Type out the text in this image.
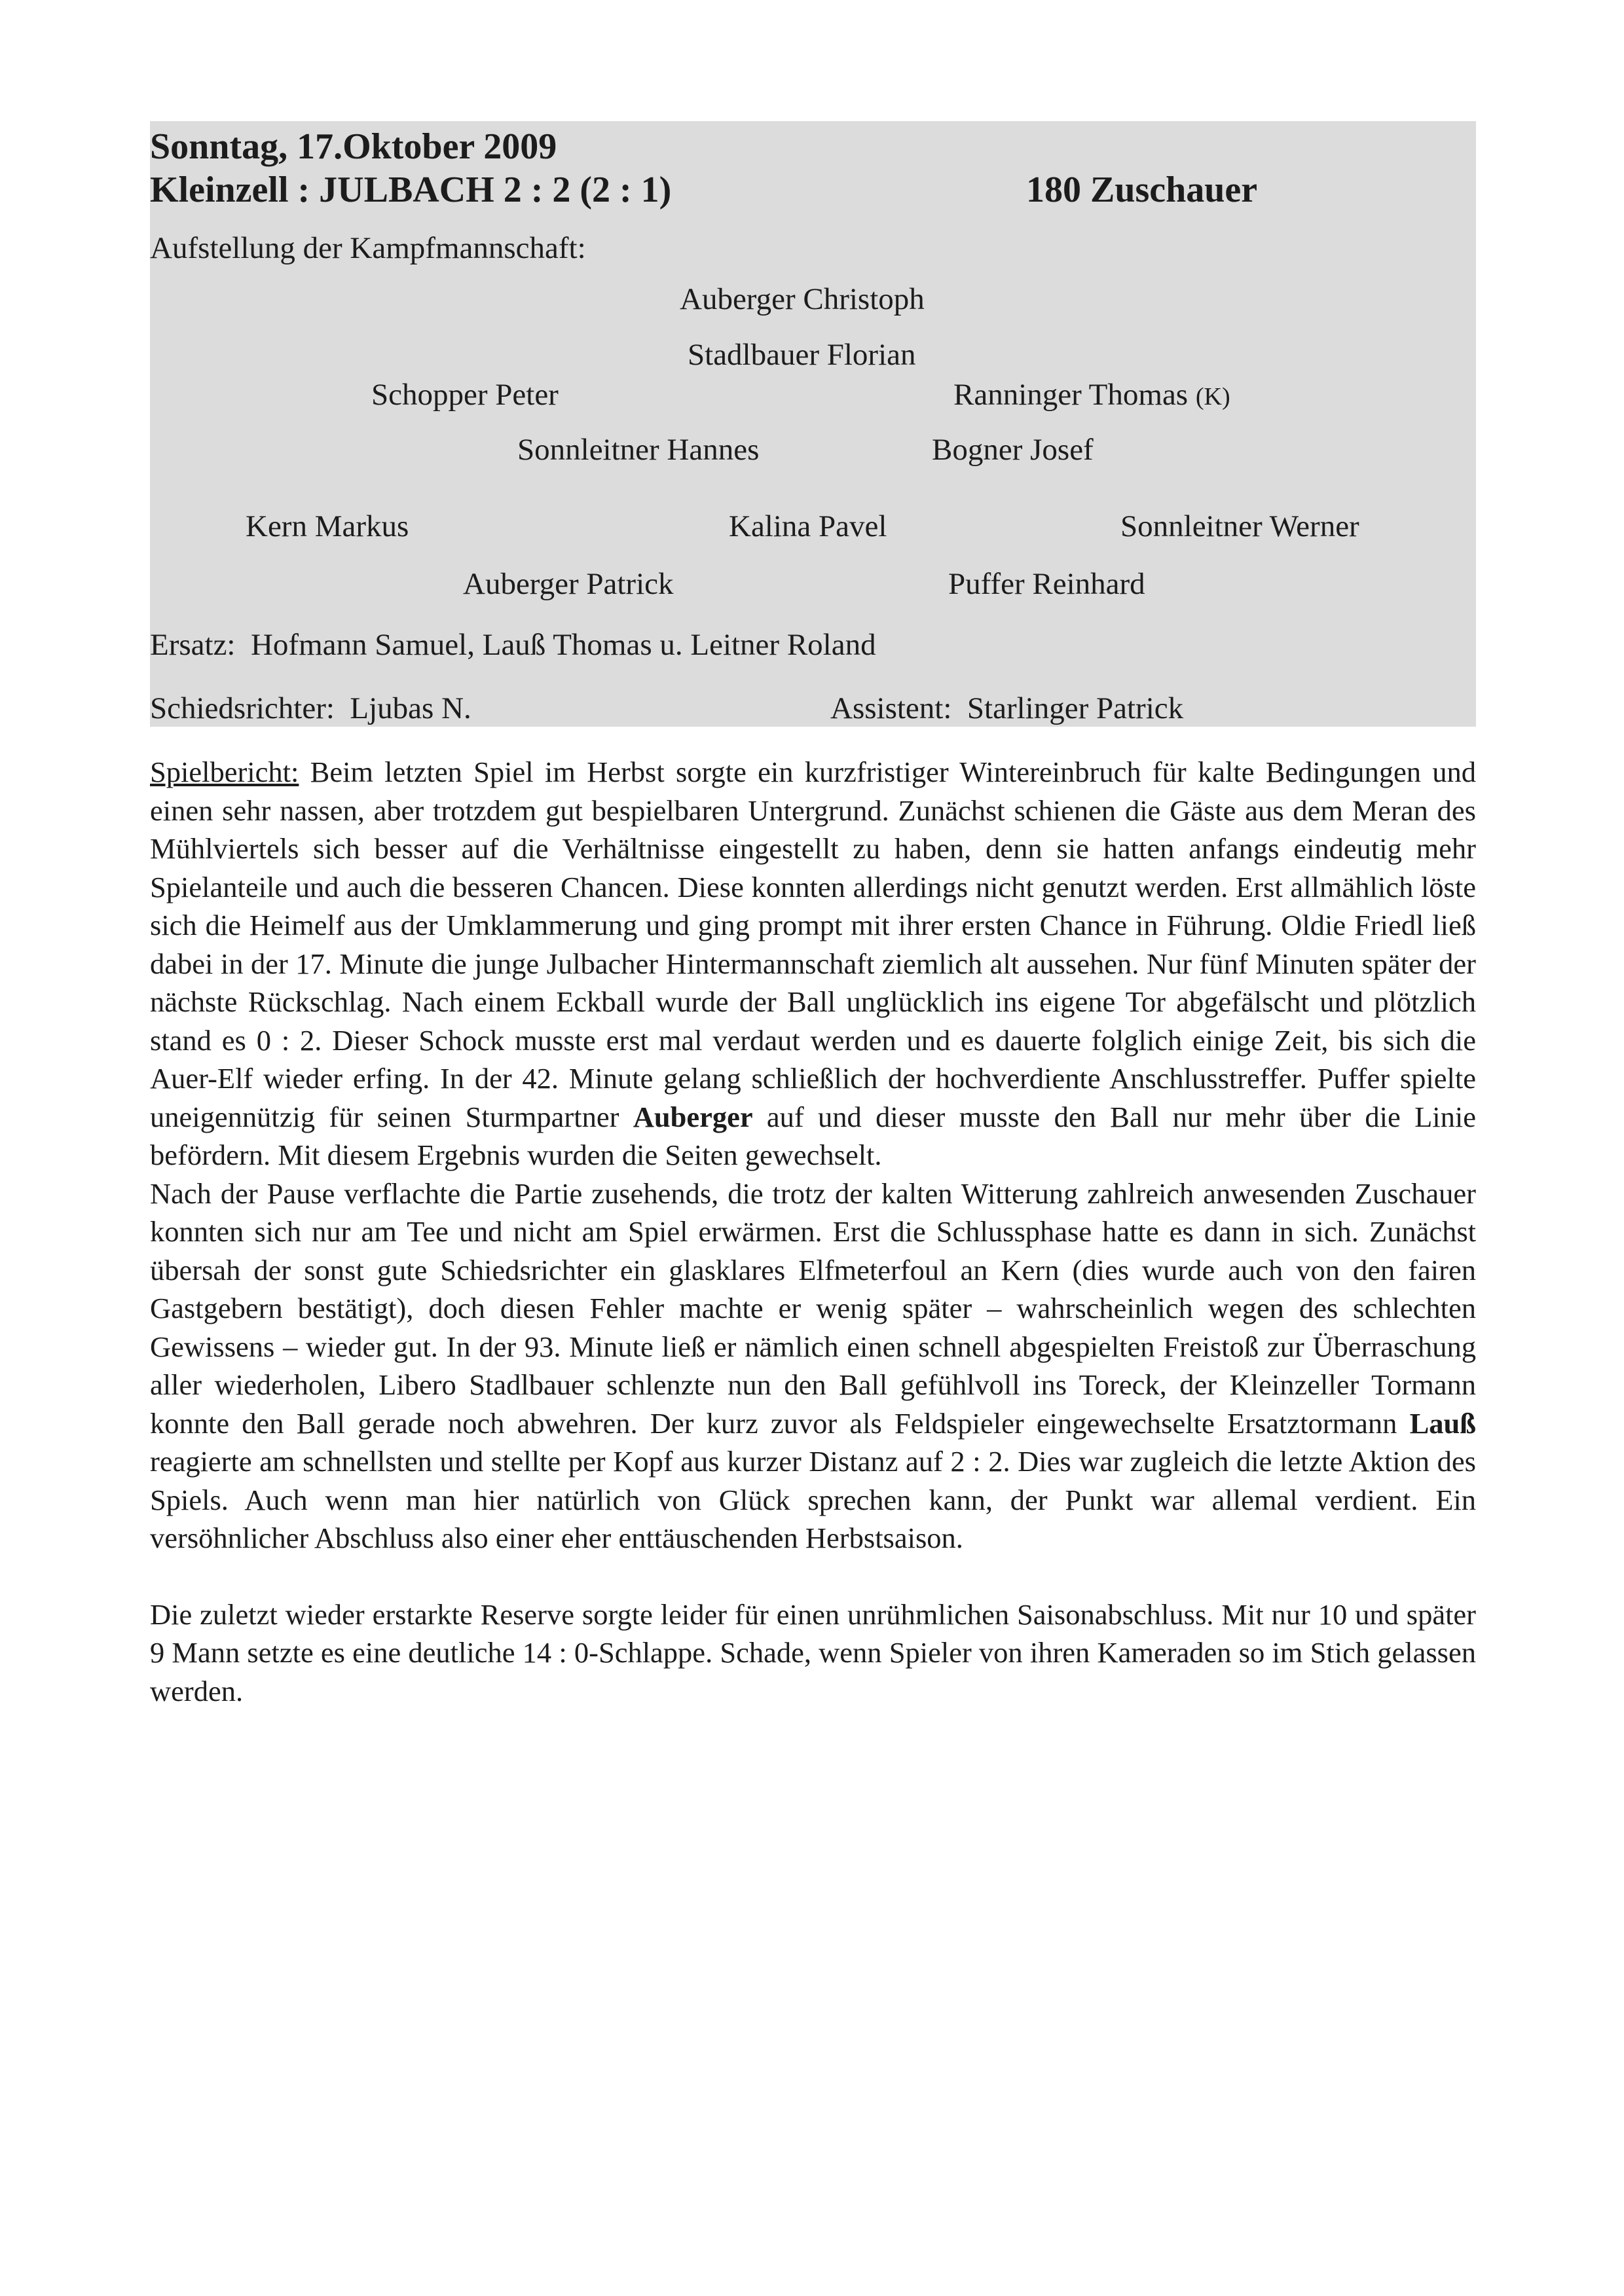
Sonntag, 17.Oktober 2009
Kleinzell : JULBACH 2 : 2 (2 : 1)	180 Zuschauer
Aufstellung der Kampfmannschaft:
Auberger Christoph
Stadlbauer Florian
Schopper Peter	Ranninger Thomas (K)
Sonnleitner Hannes	Bogner Josef
Kern Markus	Kalina Pavel	Sonnleitner Werner
Auberger Patrick	Puffer Reinhard
Ersatz:  Hofmann Samuel, Lauß Thomas u. Leitner Roland
Schiedsrichter:  Ljubas N.	Assistent:  Starlinger Patrick

Spielbericht: Beim letzten Spiel im Herbst sorgte ein kurzfristiger Wintereinbruch für kalte Bedingungen und einen sehr nassen, aber trotzdem gut bespielbaren Untergrund. Zunächst schienen die Gäste aus dem Meran des Mühlviertels sich besser auf die Verhältnisse eingestellt zu haben, denn sie hatten anfangs eindeutig mehr Spielanteile und auch die besseren Chancen. Diese konnten allerdings nicht genutzt werden. Erst allmählich löste sich die Heimelf aus der Umklammerung und ging prompt mit ihrer ersten Chance in Führung. Oldie Friedl ließ dabei in der 17. Minute die junge Julbacher Hintermannschaft ziemlich alt aussehen. Nur fünf Minuten später der nächste Rückschlag. Nach einem Eckball wurde der Ball unglücklich ins eigene Tor abgefälscht und plötzlich stand es 0 : 2. Dieser Schock musste erst mal verdaut werden und es dauerte folglich einige Zeit, bis sich die Auer-Elf wieder erfing. In der 42. Minute gelang schließlich der hochverdiente Anschlusstreffer. Puffer spielte uneigennützig für seinen Sturmpartner Auberger auf und dieser musste den Ball nur mehr über die Linie befördern. Mit diesem Ergebnis wurden die Seiten gewechselt.

Nach der Pause verflachte die Partie zusehends, die trotz der kalten Witterung zahlreich anwesenden Zuschauer konnten sich nur am Tee und nicht am Spiel erwärmen. Erst die Schlussphase hatte es dann in sich. Zunächst übersah der sonst gute Schiedsrichter ein glasklares Elfmeterfoul an Kern (dies wurde auch von den fairen Gastgebern bestätigt), doch diesen Fehler machte er wenig später – wahrscheinlich wegen des schlechten Gewissens – wieder gut. In der 93. Minute ließ er nämlich einen schnell abgespielten Freistoß zur Überraschung aller wiederholen, Libero Stadlbauer schlenzte nun den Ball gefühlvoll ins Toreck, der Kleinzeller Tormann konnte den Ball gerade noch abwehren. Der kurz zuvor als Feldspieler eingewechselte Ersatztormann Lauß reagierte am schnellsten und stellte per Kopf aus kurzer Distanz auf 2 : 2. Dies war zugleich die letzte Aktion des Spiels. Auch wenn man hier natürlich von Glück sprechen kann, der Punkt war allemal verdient. Ein versöhnlicher Abschluss also einer eher enttäuschenden Herbstsaison.

Die zuletzt wieder erstarkte Reserve sorgte leider für einen unrühmlichen Saisonabschluss. Mit nur 10 und später 9 Mann setzte es eine deutliche 14 : 0-Schlappe. Schade, wenn Spieler von ihren Kameraden so im Stich gelassen werden.
